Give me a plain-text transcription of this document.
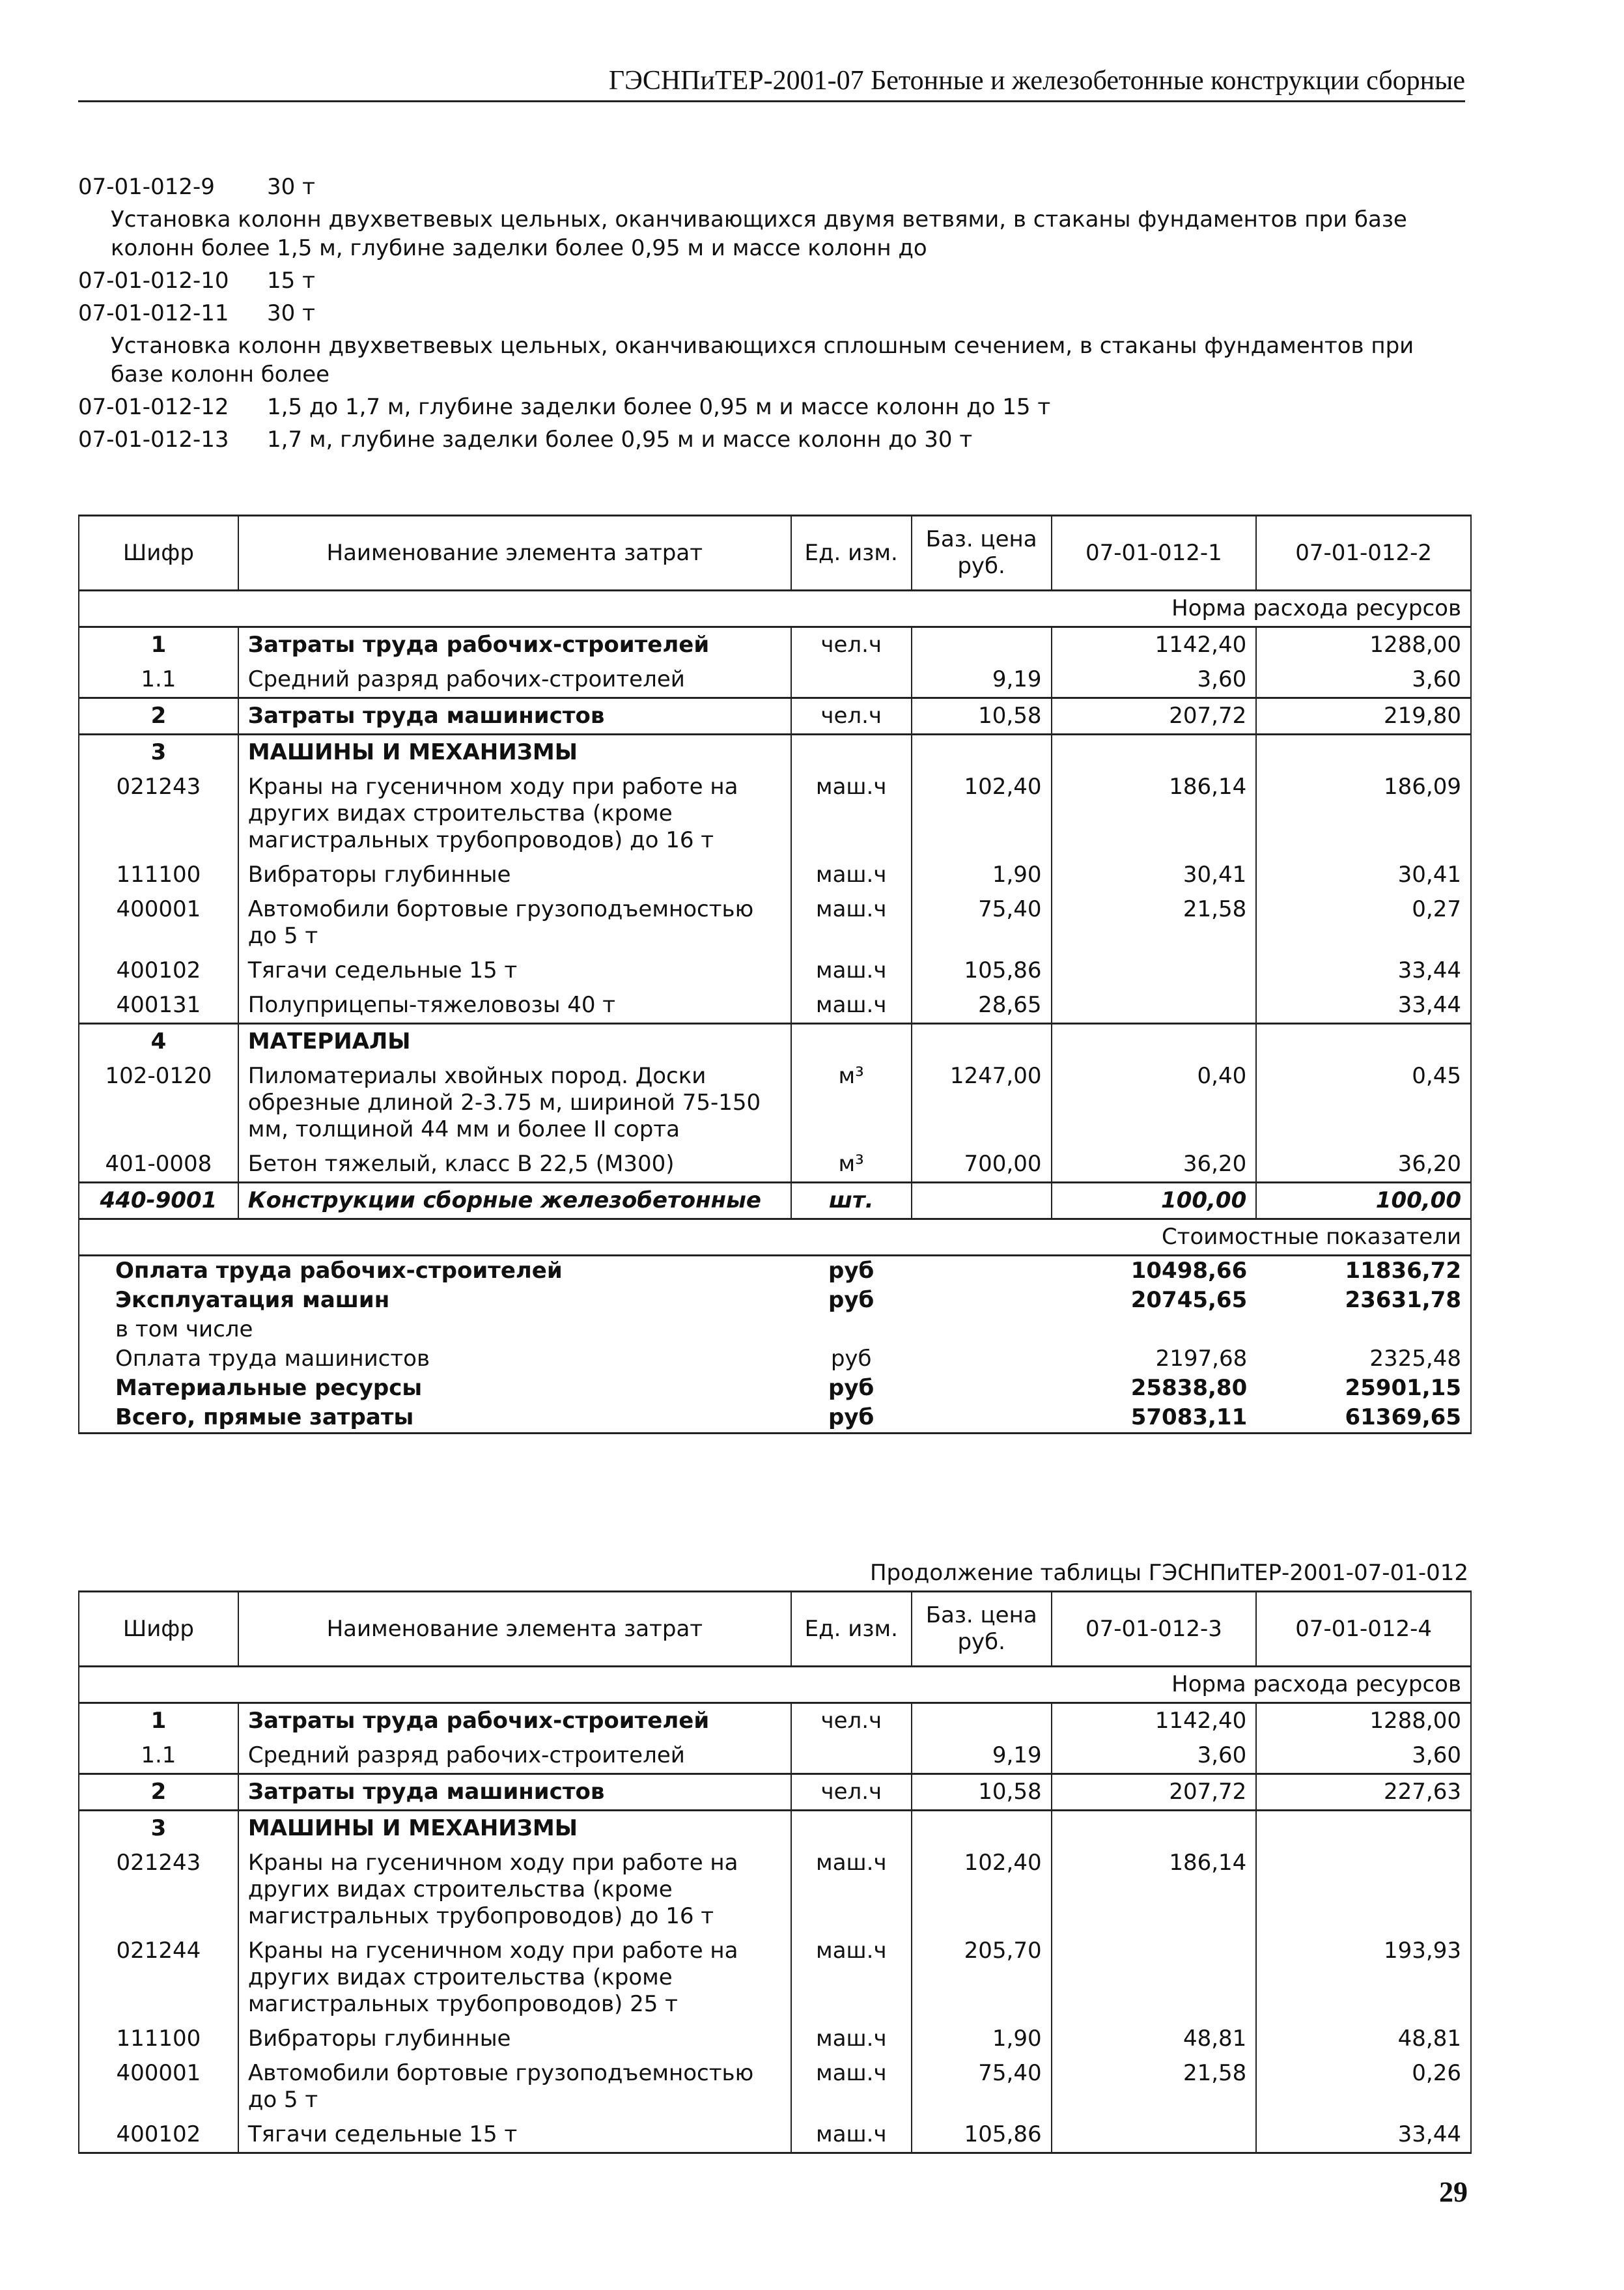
ГЭСНПиТЕР-2001-07 Бетонные и железобетонные конструкции сборные
07-01-012-9	30 т
Установка колонн двухветвевых цельных, оканчивающихся двумя ветвями, в стаканы фундаментов при базе колонн более 1,5 м, глубине заделки более 0,95 м и массе колонн до
07-01-012-10	15 т
07-01-012-11	30 т
Установка колонн двухветвевых цельных, оканчивающихся сплошным сечением, в стаканы фундаментов при базе колонн более
07-01-012-12	1,5 до 1,7 м, глубине заделки более 0,95 м и массе колонн до 15 т
07-01-012-13	1,7 м, глубине заделки более 0,95 м и массе колонн до 30 т
Шифр	Наименование элемента затрат	Ед. изм.	Баз. цена руб.	07-01-012-1	07-01-012-2
Норма расхода ресурсов					
1	Затраты труда рабочих-строителей	чел.ч		1142,40	1288,00
1.1	Средний разряд рабочих-строителей		9,19	3,60	3,60
2	Затраты труда машинистов	чел.ч	10,58	207,72	219,80
3	МАШИНЫ И МЕХАНИЗМЫ				
021243	Краны на гусеничном ходу при работе на других видах строительства (кроме магистральных трубопроводов) до 16 т	маш.ч	102,40	186,14	186,09
111100	Вибраторы глубинные	маш.ч	1,90	30,41	30,41
400001	Автомобили бортовые грузоподъемностью до 5 т	маш.ч	75,40	21,58	0,27
400102	Тягачи седельные 15 т	маш.ч	105,86		33,44
400131	Полуприцепы-тяжеловозы 40 т	маш.ч	28,65		33,44
4	МАТЕРИАЛЫ				
102-0120	Пиломатериалы хвойных пород. Доски обрезные длиной 2-3.75 м, шириной 75-150 мм, толщиной 44 мм и более II сорта	м³	1247,00	0,40	0,45
401-0008	Бетон тяжелый, класс В 22,5 (М300)	м³	700,00	36,20	36,20
440-9001	Конструкции сборные железобетонные	шт.		100,00	100,00
Стоимостные показатели					
Оплата труда рабочих-строителей		руб		10498,66	11836,72
Эксплуатация машин		руб		20745,65	23631,78
в том числе					
Оплата труда машинистов		руб		2197,68	2325,48
Материальные ресурсы		руб		25838,80	25901,15
Всего, прямые затраты		руб		57083,11	61369,65
Продолжение таблицы ГЭСНПиТЕР-2001-07-01-012
Шифр	Наименование элемента затрат	Ед. изм.	Баз. цена руб.	07-01-012-3	07-01-012-4
Норма расхода ресурсов					
1	Затраты труда рабочих-строителей	чел.ч		1142,40	1288,00
1.1	Средний разряд рабочих-строителей		9,19	3,60	3,60
2	Затраты труда машинистов	чел.ч	10,58	207,72	227,63
3	МАШИНЫ И МЕХАНИЗМЫ				
021243	Краны на гусеничном ходу при работе на других видах строительства (кроме магистральных трубопроводов) до 16 т	маш.ч	102,40	186,14	
021244	Краны на гусеничном ходу при работе на других видах строительства (кроме магистральных трубопроводов) 25 т	маш.ч	205,70		193,93
111100	Вибраторы глубинные	маш.ч	1,90	48,81	48,81
400001	Автомобили бортовые грузоподъемностью до 5 т	маш.ч	75,40	21,58	0,26
400102	Тягачи седельные 15 т	маш.ч	105,86		33,44
29
